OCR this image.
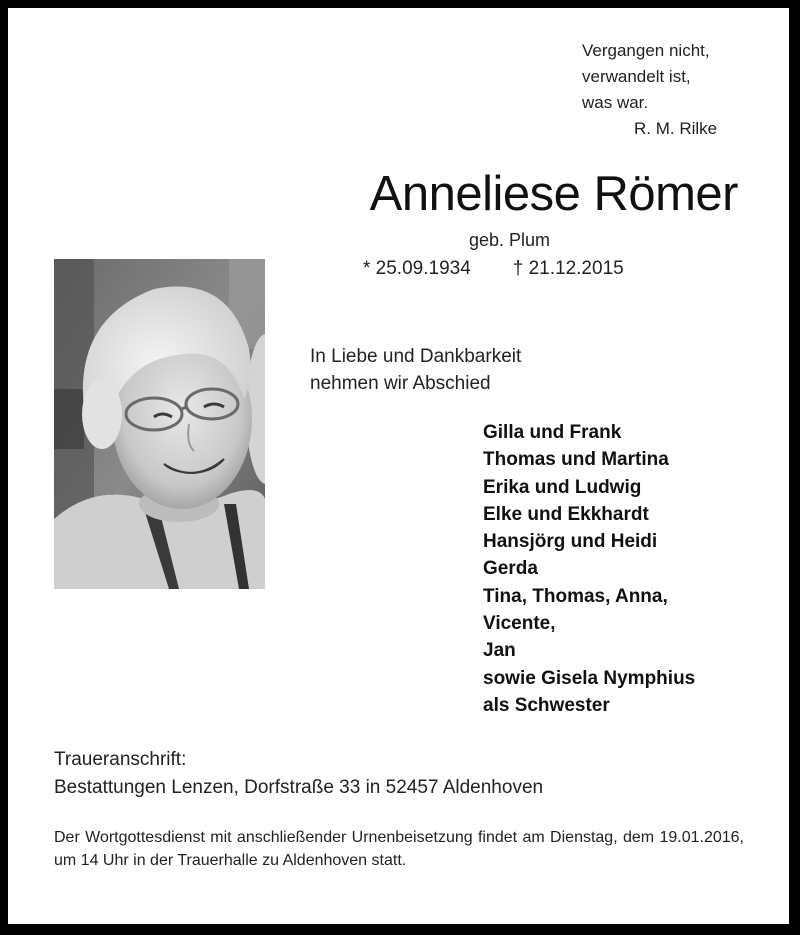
Vergangen nicht,
verwandelt ist,
was war.
R. M. Rilke
Anneliese Römer
geb. Plum
* 25.09.1934 † 21.12.2015
In Liebe und Dankbarkeit
nehmen wir Abschied
Gilla und Frank
Thomas und Martina
Erika und Ludwig
Elke und Ekkhardt
Hansjörg und Heidi
Gerda
Tina, Thomas, Anna,
Vicente,
Jan
sowie Gisela Nymphius
als Schwester
Traueranschrift:
Bestattungen Lenzen, Dorfstraße 33 in 52457 Aldenhoven
Der Wortgottesdienst mit anschließender Urnenbeisetzung findet am Dienstag, dem 19.01.2016, um 14 Uhr in der Trauerhalle zu Aldenhoven statt.
